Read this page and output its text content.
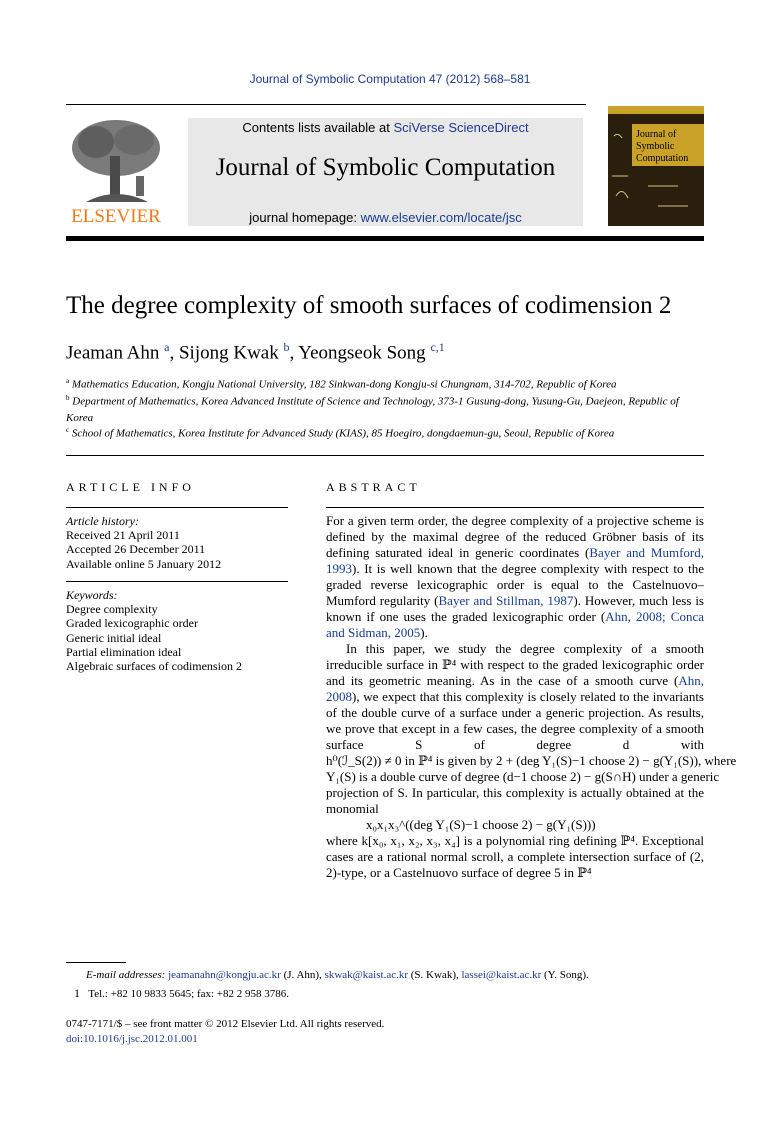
Journal of Symbolic Computation 47 (2012) 568–581
ELSEVIER
Contents lists available at SciVerse ScienceDirect
Journal of Symbolic Computation
journal homepage: www.elsevier.com/locate/jsc
Journal of
Symbolic
Computation
The degree complexity of smooth surfaces of codimension 2
Jeaman Ahn $^a$, Sijong Kwak $^b$, Yeongseok Song $^{c,1}$
$^a$ Mathematics Education, Kongju National University, 182 Sinkwan-dong Kongju-si Chungnam, 314-702, Republic of Korea
$^b$ Department of Mathematics, Korea Advanced Institute of Science and Technology, 373-1 Gusung-dong, Yusung-Gu, Daejeon, Republic of Korea
$^c$ School of Mathematics, Korea Institute for Advanced Study (KIAS), 85 Hoegiro, dongdaemun-gu, Seoul, Republic of Korea
ARTICLE INFO
Article history:
Received 21 April 2011
Accepted 26 December 2011
Available online 5 January 2012
Keywords:
Degree complexity
Graded lexicographic order
Generic initial ideal
Partial elimination ideal
Algebraic surfaces of codimension 2
ABSTRACT

For a given term order, the degree complexity of a projective scheme is defined by the maximal degree of the reduced Gröbner basis of its defining saturated ideal in generic coordinates (Bayer and Mumford, 1993). It is well known that the degree complexity with respect to the graded reverse lexicographic order is equal to the Castelnuovo–Mumford regularity (Bayer and Stillman, 1987). However, much less is known if one uses the graded lexicographic order (Ahn, 2008; Conca and Sidman, 2005).

In this paper, we study the degree complexity of a smooth irreducible surface in ℙ⁴ with respect to the graded lexicographic order and its geometric meaning. As in the case of a smooth curve (Ahn, 2008), we expect that this complexity is closely related to the invariants of the double curve of a surface under a generic projection. As results, we prove that except in a few cases, the degree complexity of a smooth surface S of degree d with h⁰(ℐ_S(2)) ≠ 0 in ℙ⁴ is given by 2 + (deg Y₁(S)−1 choose 2) − g(Y₁(S)), where Y₁(S) is a double curve of degree (d−1 choose 2) − g(S∩H) under a generic projection of S. In particular, this complexity is actually obtained at the monomial

x₀x₁x₃^((deg Y₁(S)−1 choose 2) − g(Y₁(S)))

where k[x₀, x₁, x₂, x₃, x₄] is a polynomial ring defining ℙ⁴. Exceptional cases are a rational normal scroll, a complete intersection surface of (2, 2)-type, or a Castelnuovo surface of degree 5 in ℙ⁴

E-mail addresses: jeamanahn@kongju.ac.kr (J. Ahn), skwak@kaist.ac.kr (S. Kwak), lassei@kaist.ac.kr (Y. Song).
1 Tel.: +82 10 9833 5645; fax: +82 2 958 3786.
0747-7171/$ – see front matter © 2012 Elsevier Ltd. All rights reserved.
doi:10.1016/j.jsc.2012.01.001
